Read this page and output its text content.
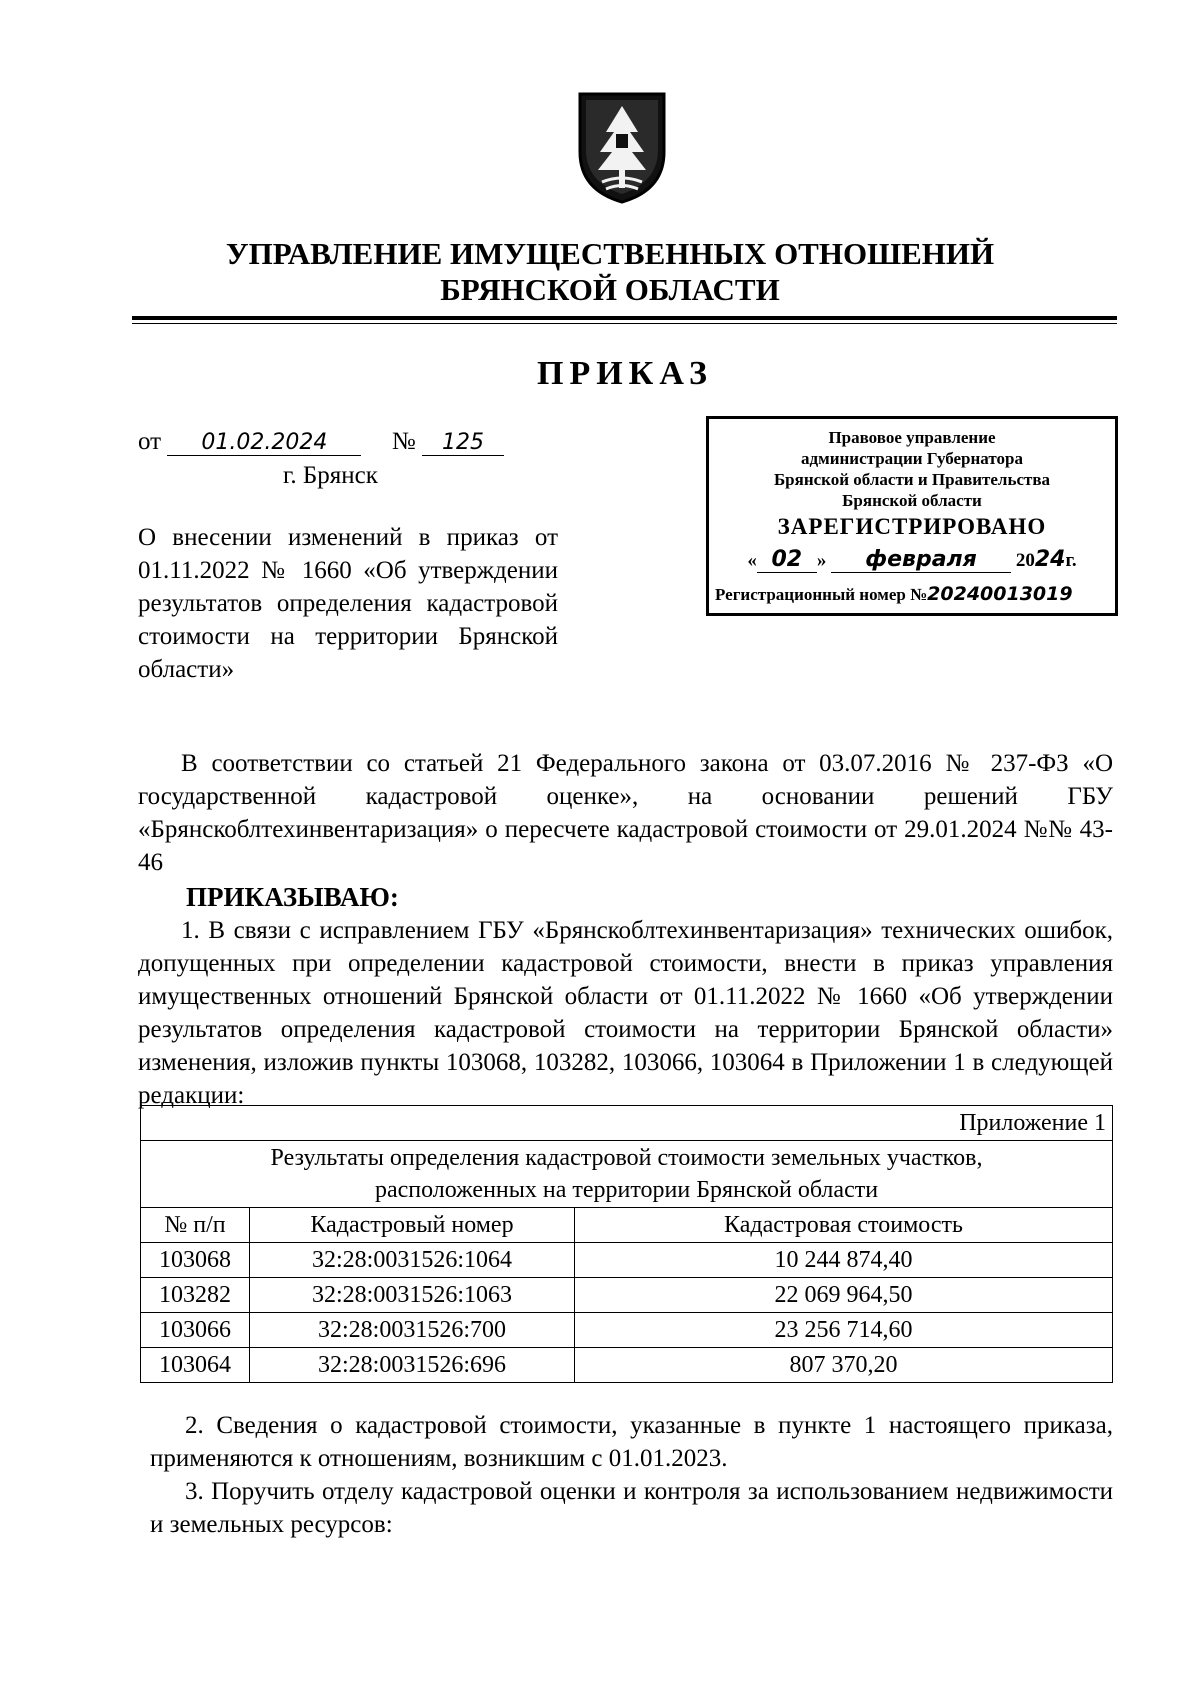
УПРАВЛЕНИЕ ИМУЩЕСТВЕННЫХ ОТНОШЕНИЙ
БРЯНСКОЙ ОБЛАСТИ
ПРИКАЗ
от 01.02.2024	№ 125
г. Брянск
Правовое управление
администрации Губернатора
Брянской области и Правительства
Брянской области
ЗАРЕГИСТРИРОВАНО
« 02 » февраля 2024г.
Регистрационный номер №20240013019
О внесении изменений в приказ от 01.11.2022 № 1660 «Об утверждении результатов определения кадастровой стоимости на территории Брянской области»
В соответствии со статьей 21 Федерального закона от 03.07.2016 № 237-ФЗ «О государственной кадастровой оценке», на основании решений ГБУ «Брянскоблтехинвентаризация» о пересчете кадастровой стоимости от 29.01.2024 №№ 43-46
ПРИКАЗЫВАЮ:
1. В связи с исправлением ГБУ «Брянскоблтехинвентаризация» технических ошибок, допущенных при определении кадастровой стоимости, внести в приказ управления имущественных отношений Брянской области от 01.11.2022 № 1660 «Об утверждении результатов определения кадастровой стоимости на территории Брянской области» изменения, изложив пункты 103068, 103282, 103066, 103064 в Приложении 1 в следующей редакции:
Приложение 1		

Результаты определения кадастровой стоимости земельных участков,
расположенных на территории Брянской области		

№ п/п	Кадастровый номер	Кадастровая стоимость
103068	32:28:0031526:1064	10 244 874,40
103282	32:28:0031526:1063	22 069 964,50
103066	32:28:0031526:700	23 256 714,60
103064	32:28:0031526:696	807 370,20
2. Сведения о кадастровой стоимости, указанные в пункте 1 настоящего приказа, применяются к отношениям, возникшим с 01.01.2023.
3. Поручить отделу кадастровой оценки и контроля за использованием недвижимости и земельных ресурсов:
